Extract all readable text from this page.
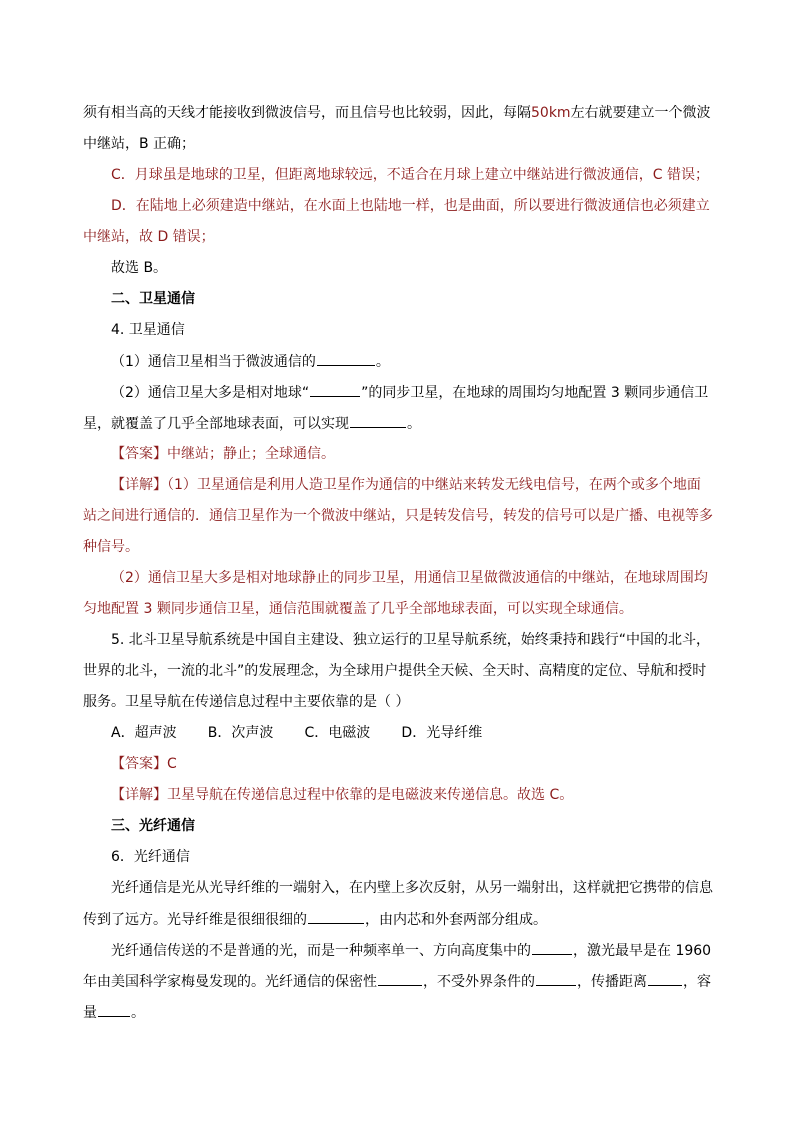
须有相当高的天线才能接收到微波信号，而且信号也比较弱，因此，每隔50km左右就要建立一个微波
中继站，B 正确；
C．月球虽是地球的卫星，但距离地球较远，不适合在月球上建立中继站进行微波通信，C 错误；
D．在陆地上必须建造中继站，在水面上也陆地一样，也是曲面，所以要进行微波通信也必须建立
中继站，故 D 错误；
故选 B。
二、卫星通信
4. 卫星通信
（1）通信卫星相当于微波通信的	。
（2）通信卫星大多是相对地球“	”的同步卫星，在地球的周围均匀地配置 3 颗同步通信卫
星，就覆盖了几乎全部地球表面，可以实现	。
【答案】中继站；静止；全球通信。
【详解】（1）卫星通信是利用人造卫星作为通信的中继站来转发无线电信号，在两个或多个地面
站之间进行通信的．通信卫星作为一个微波中继站，只是转发信号，转发的信号可以是广播、电视等多
种信号。
（2）通信卫星大多是相对地球静止的同步卫星，用通信卫星做微波通信的中继站，在地球周围均
匀地配置 3 颗同步通信卫星，通信范围就覆盖了几乎全部地球表面，可以实现全球通信。
5. 北斗卫星导航系统是中国自主建设、独立运行的卫星导航系统，始终秉持和践行“中国的北斗，
世界的北斗，一流的北斗”的发展理念，为全球用户提供全天候、全天时、高精度的定位、导航和授时
服务。卫星导航在传递信息过程中主要依靠的是（ ）
A．超声波       B．次声波       C．电磁波       D．光导纤维
【答案】C
【详解】卫星导航在传递信息过程中依靠的是电磁波来传递信息。故选 C。
三、光纤通信
6．光纤通信
光纤通信是光从光导纤维的一端射入，在内壁上多次反射，从另一端射出，这样就把它携带的信息
传到了远方。光导纤维是很细很细的	，由内芯和外套两部分组成。
光纤通信传送的不是普通的光，而是一种频率单一、方向高度集中的	，激光最早是在 1960
年由美国科学家梅曼发现的。光纤通信的保密性	，不受外界条件的	，传播距离	，容
量 。
